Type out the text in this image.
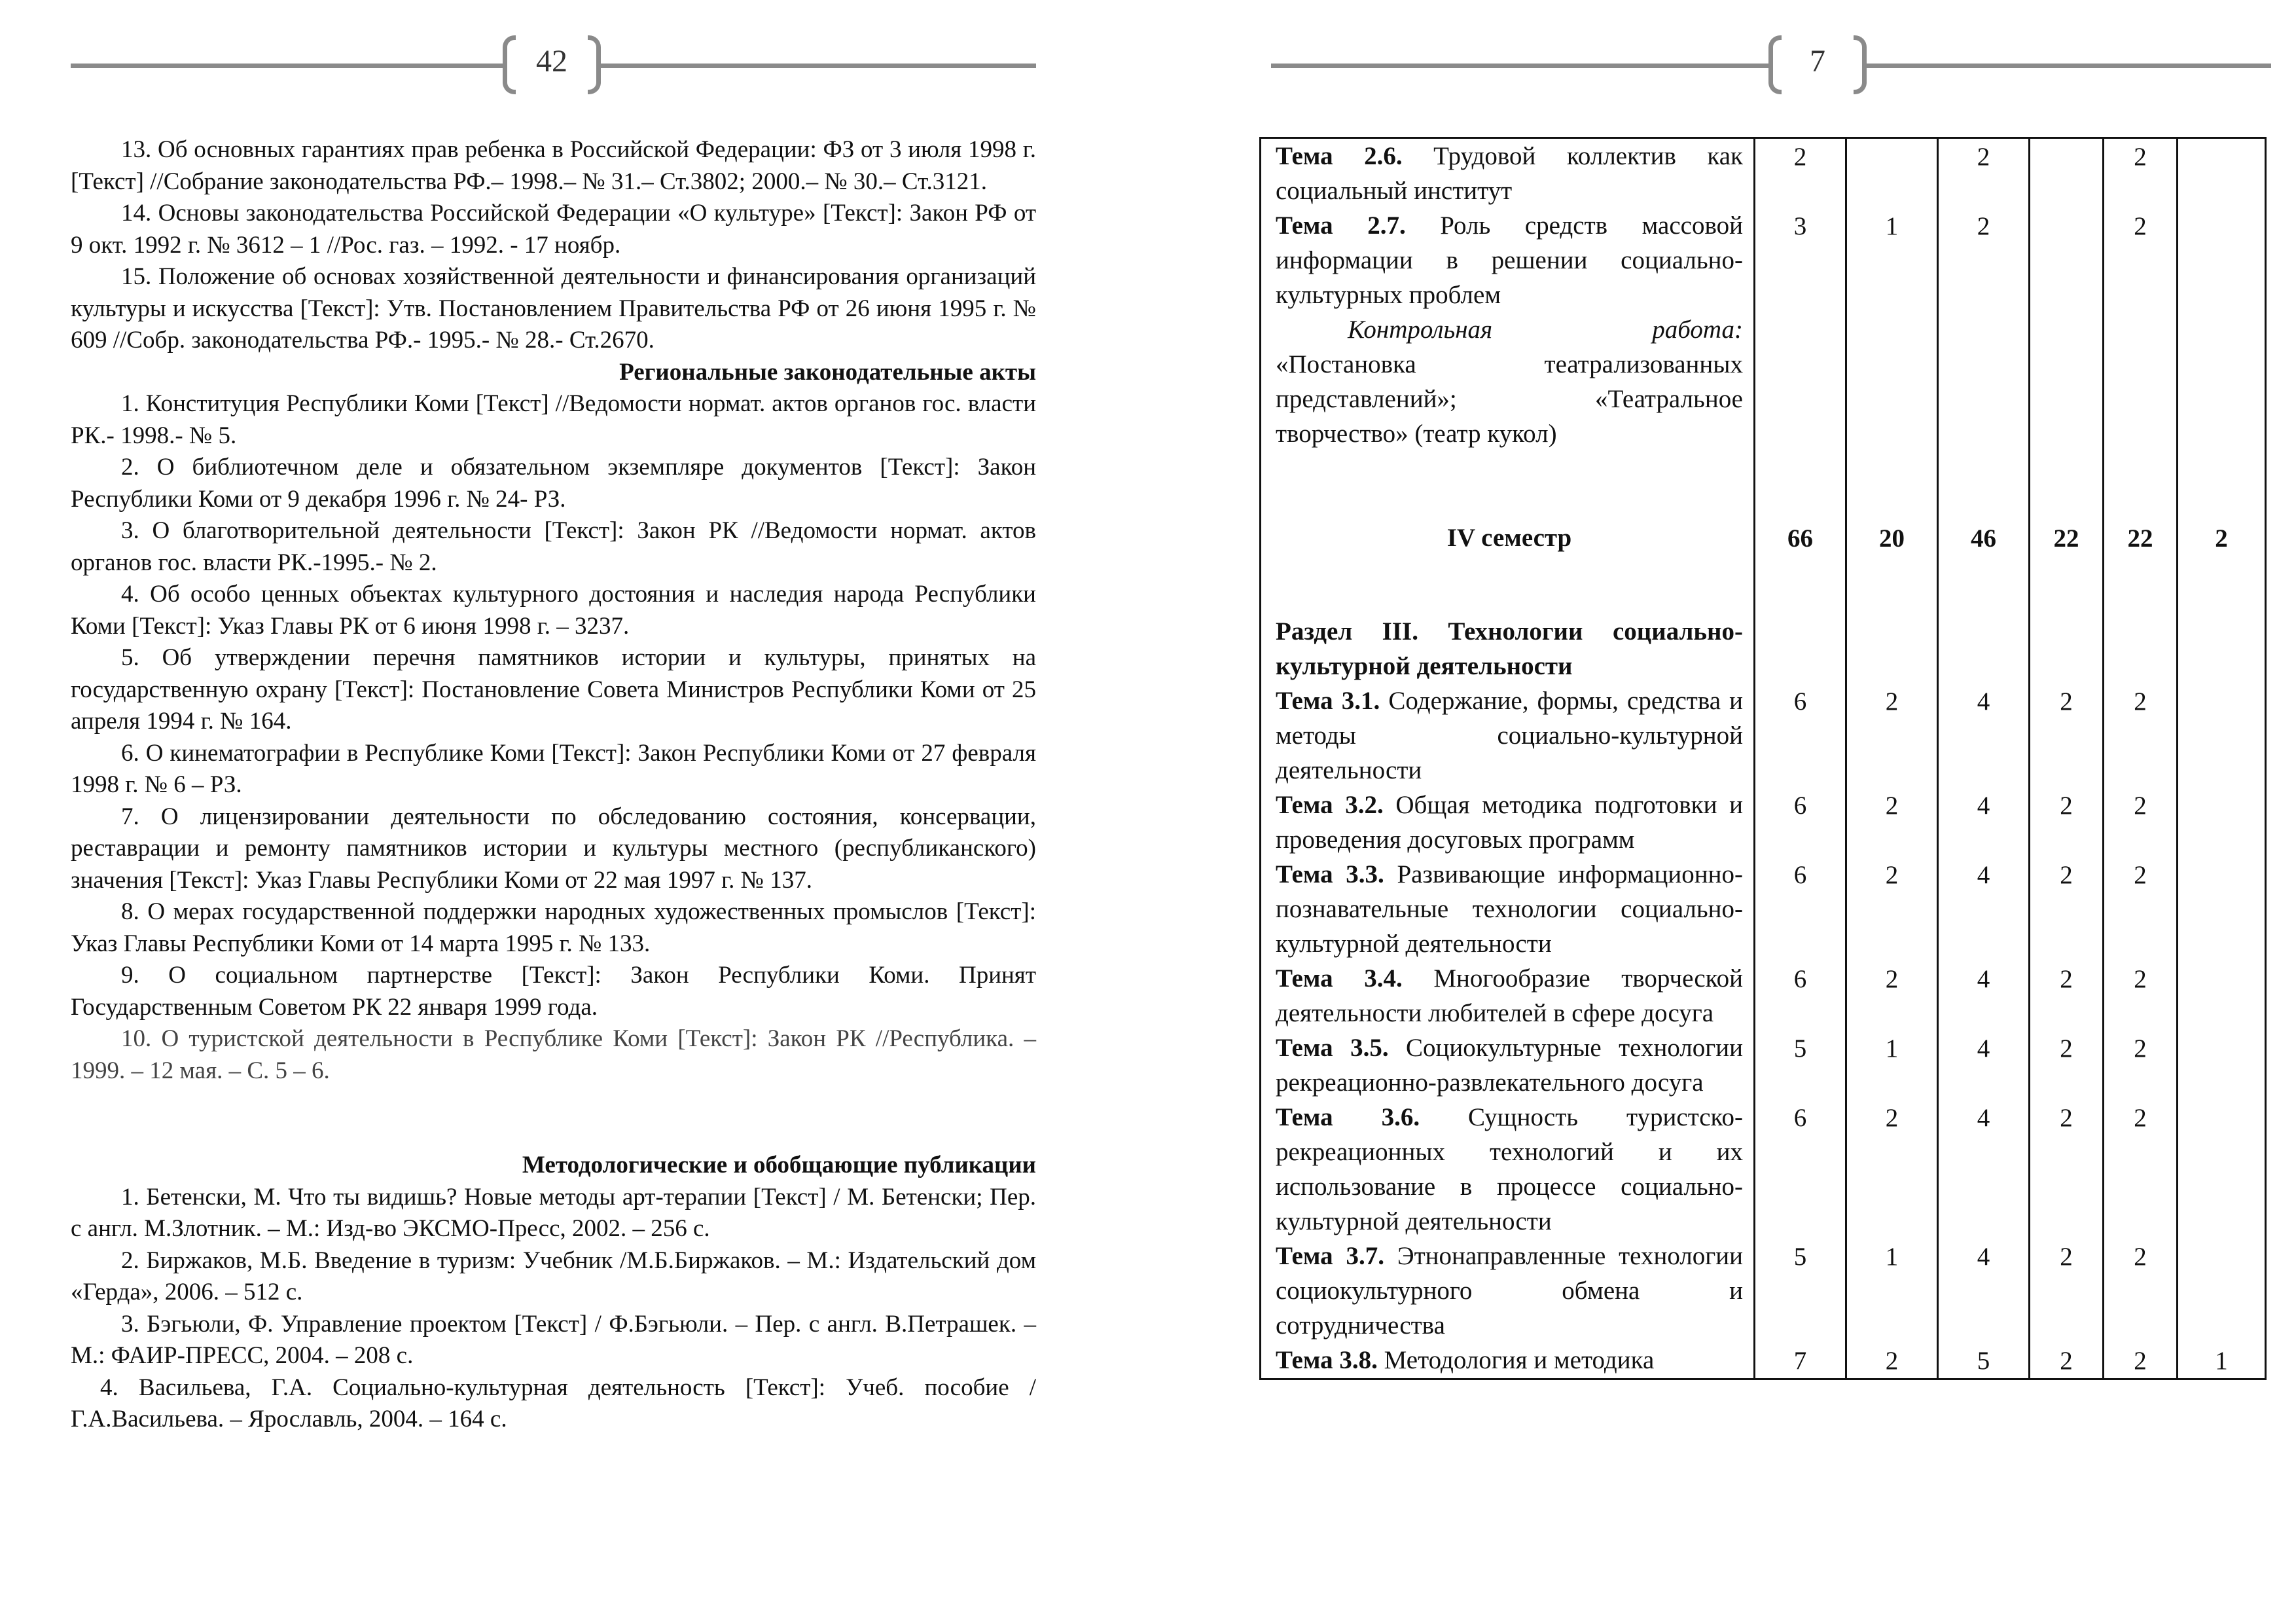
42

13. Об основных гарантиях прав ребенка в Российской Федерации: ФЗ от 3 июля 1998 г. [Текст] //Собрание законодательства РФ.– 1998.– № 31.– Ст.3802; 2000.– № 30.– Ст.3121.

14. Основы законодательства Российской Федерации «О культуре» [Текст]: Закон РФ от 9 окт. 1992 г. № 3612 – 1 //Рос. газ. – 1992. - 17 ноябр.

15. Положение об основах хозяйственной деятельности и финансирования организаций культуры и искусства [Текст]: Утв. Постановлением Правительства РФ от 26 июня 1995 г. № 609 //Собр. законодательства РФ.- 1995.- № 28.- Ст.2670.

Региональные законодательные акты

1. Конституция Республики Коми [Текст] //Ведомости нормат. актов органов гос. власти РК.- 1998.- № 5.

2. О библиотечном деле и обязательном экземпляре документов [Текст]: Закон Республики Коми от 9 декабря 1996 г. № 24- РЗ.

3. О благотворительной деятельности [Текст]: Закон РК //Ведомости нормат. актов органов гос. власти РК.-1995.- № 2.

4. Об особо ценных объектах культурного достояния и наследия народа Республики Коми [Текст]: Указ Главы РК от 6 июня 1998 г. – 3237.

5. Об утверждении перечня памятников истории и культуры, принятых на государственную охрану [Текст]: Постановление Совета Министров Республики Коми от 25 апреля 1994 г. № 164.

6. О кинематографии в Республике Коми [Текст]: Закон Республики Коми от 27 февраля 1998 г. № 6 – РЗ.

7. О лицензировании деятельности по обследованию состояния, консервации, реставрации и ремонту памятников истории и культуры местного (республиканского) значения [Текст]: Указ Главы Республики Коми от 22 мая 1997 г. № 137.

8. О мерах государственной поддержки народных художественных промыслов [Текст]: Указ Главы Республики Коми от 14 марта 1995 г. № 133.

9. О социальном партнерстве [Текст]: Закон Республики Коми. Принят Государственным Советом РК 22 января 1999 года.

10. О туристской деятельности в Республике Коми [Текст]: Закон РК //Республика. – 1999. – 12 мая. – С. 5 – 6.

Методологические и обобщающие публикации

1. Бетенски, М. Что ты видишь? Новые методы арт-терапии [Текст] / М. Бетенски; Пер. с англ. М.Злотник. – М.: Изд-во ЭКСМО-Пресс, 2002. – 256 с.

2. Биржаков, М.Б. Введение в туризм: Учебник /М.Б.Биржаков. – М.: Издательский дом «Герда», 2006. – 512 с.

3. Бэгьюли, Ф. Управление проектом [Текст] / Ф.Бэгьюли. – Пер. с англ. В.Петрашек. – М.: ФАИР-ПРЕСС, 2004. – 208 с.

4. Васильева, Г.А. Социально-культурная деятельность [Текст]: Учеб. пособие /Г.А.Васильева. – Ярославль, 2004. – 164 с.

7
Тема 2.6. Трудовой коллектив как социальный институт	2		2		2	
Тема 2.7. Роль средств массовой информации в решении социально-культурных проблем
Контрольная работа:
«Постановка театрализованных представлений»; «Театральное творчество» (театр кукол)	3	1	2		2	
IV семестр	66	20	46	22	22	2
Раздел III. Технологии социально-культурной деятельности						
Тема 3.1. Содержание, формы, средства и методы социально-культурной деятельности	6	2	4	2	2	
Тема 3.2. Общая методика подготовки и проведения досуговых программ	6	2	4	2	2	
Тема 3.3. Развивающие информационно-познавательные технологии социально-культурной деятельности	6	2	4	2	2	
Тема 3.4. Многообразие творческой деятельности любителей в сфере досуга	6	2	4	2	2	
Тема 3.5. Социокультурные технологии рекреационно-развлекательного досуга	5	1	4	2	2	
Тема 3.6. Сущность туристско-рекреационных технологий и их использование в процессе социально-культурной деятельности	6	2	4	2	2	
Тема 3.7. Этнонаправленные технологии социокультурного обмена и сотрудничества	5	1	4	2	2	
Тема 3.8. Методология и методика	7	2	5	2	2	1
